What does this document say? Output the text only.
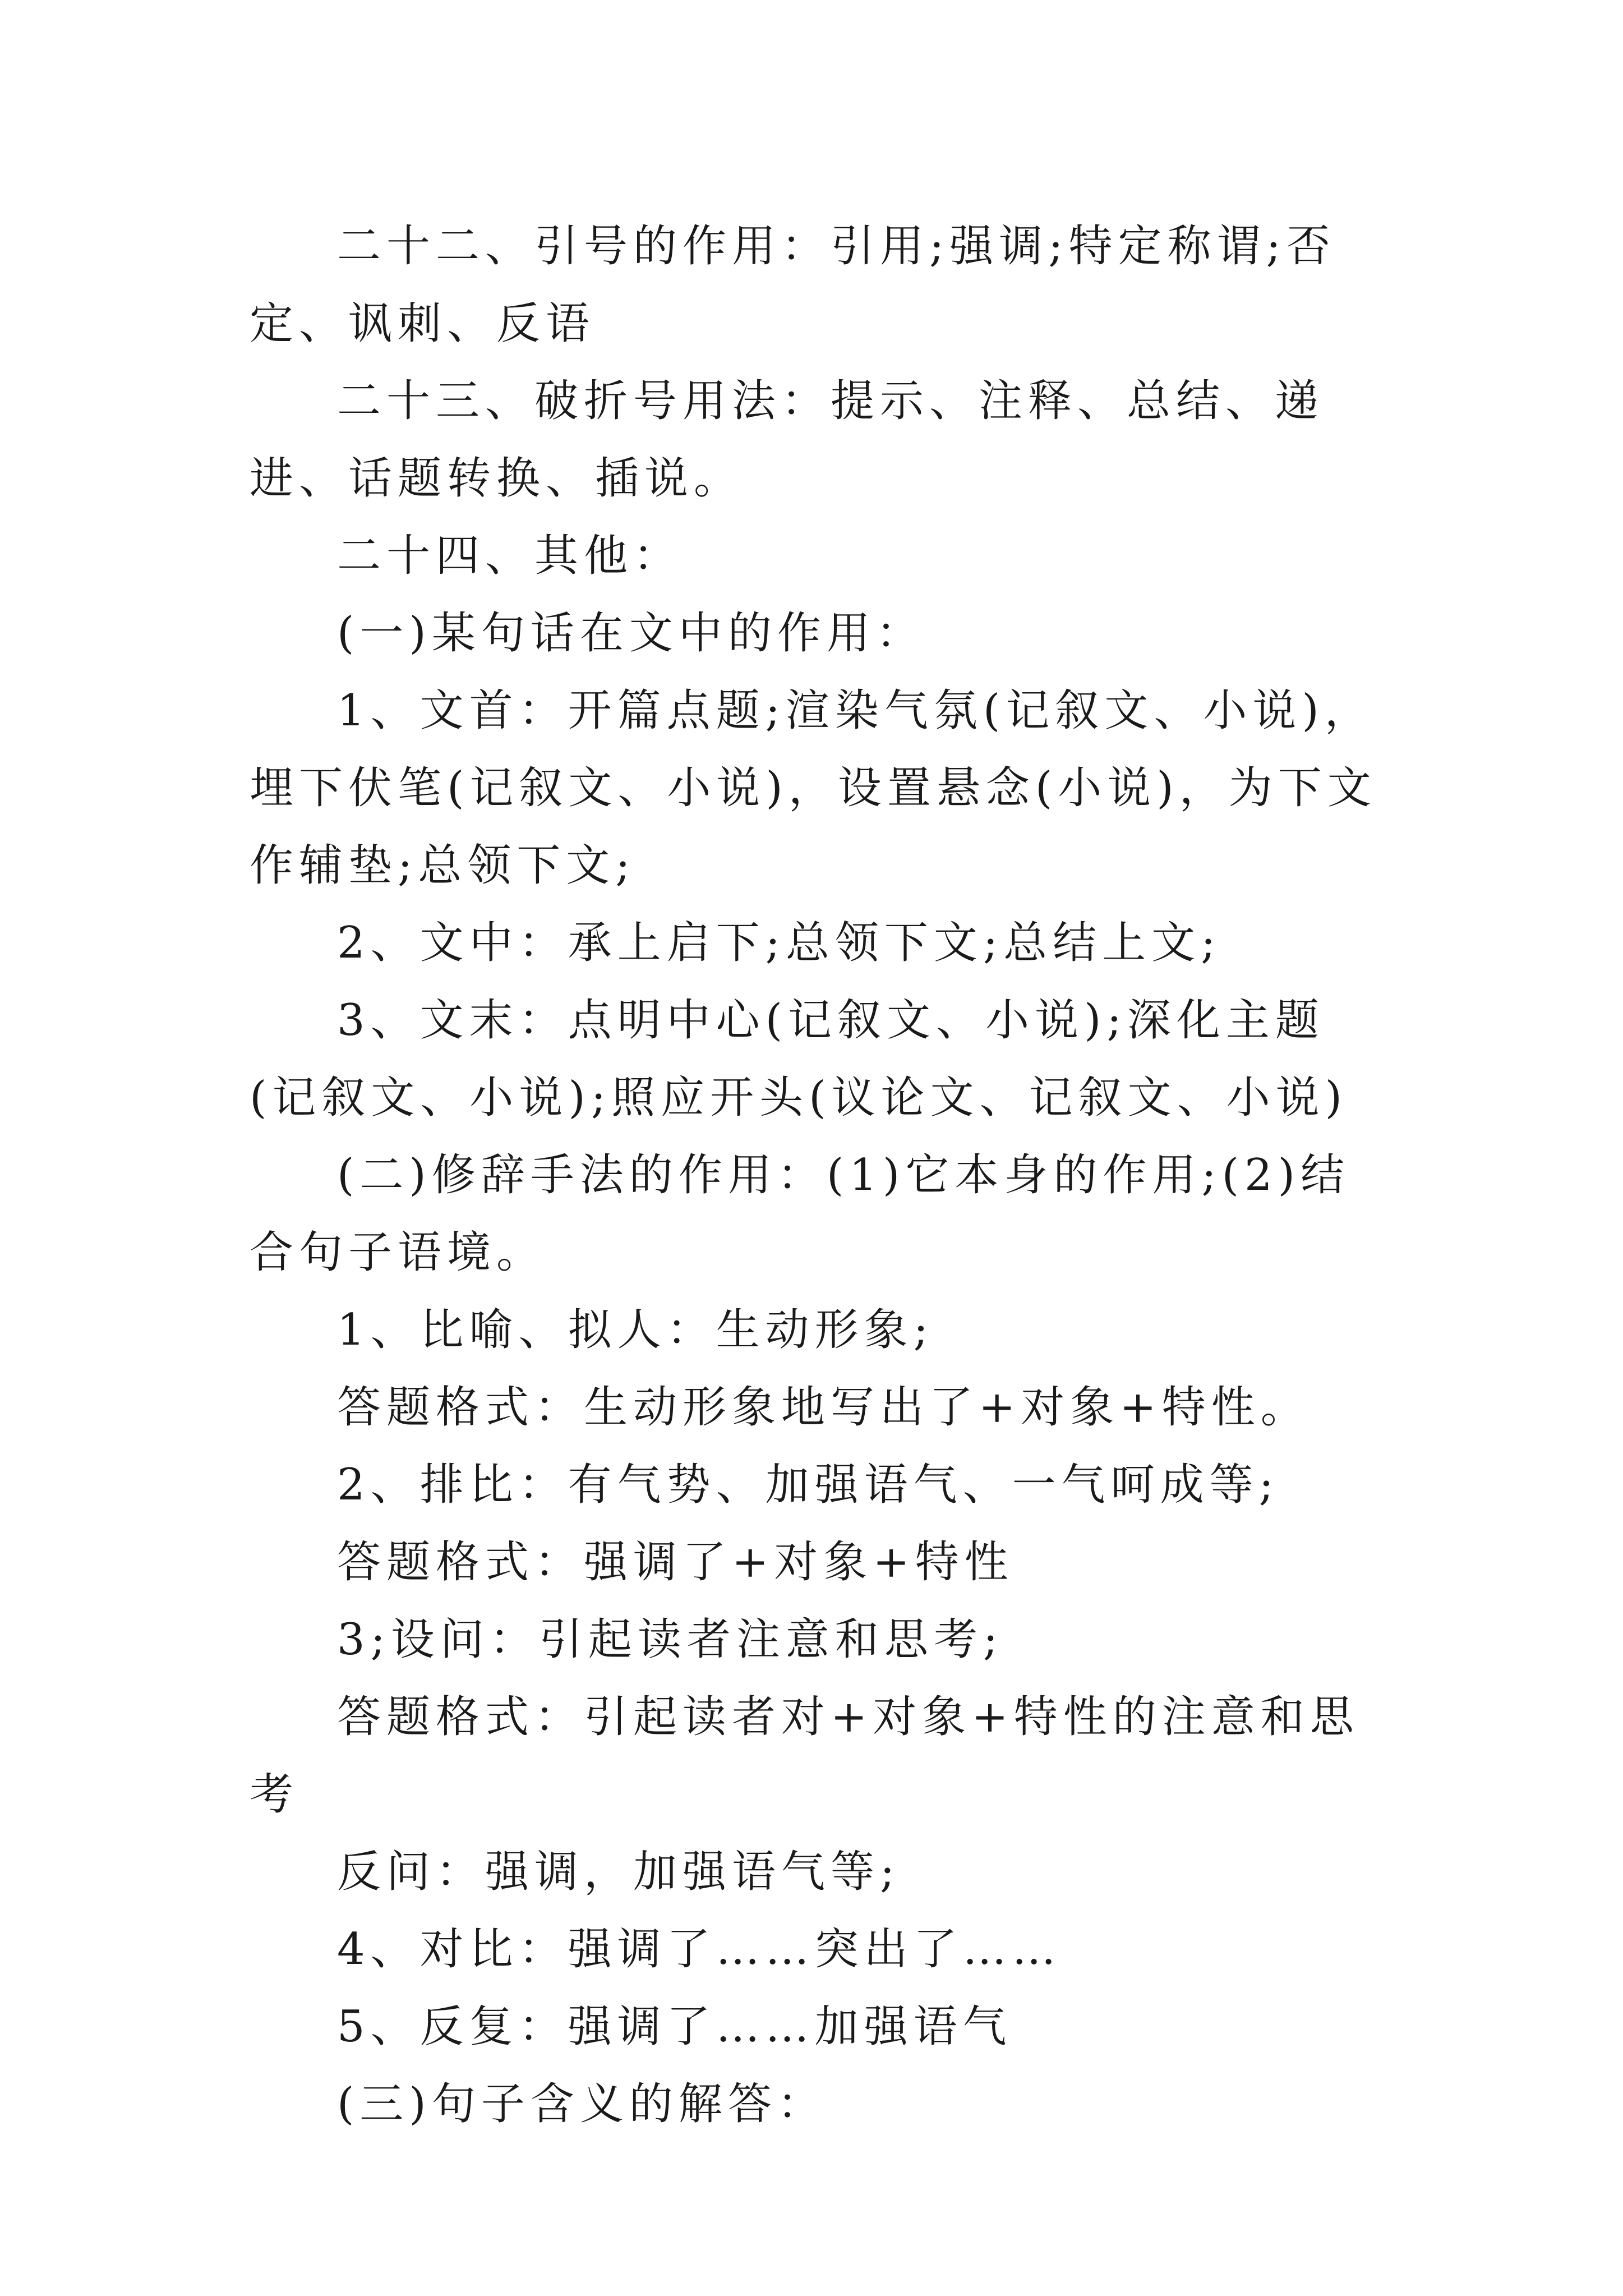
二十二、引号的作用：引用;强调;特定称谓;否定、讽刺、反语

二十三、破折号用法：提示、注释、总结、递进、话题转换、插说。

二十四、其他：

(一)某句话在文中的作用：

1、文首：开篇点题;渲染气氛(记叙文、小说)，埋下伏笔(记叙文、小说)，设置悬念(小说)，为下文作辅垫;总领下文;

2、文中：承上启下;总领下文;总结上文;

3、文末：点明中心(记叙文、小说);深化主题(记叙文、小说);照应开头(议论文、记叙文、小说)

(二)修辞手法的作用：(1)它本身的作用;(2)结合句子语境。

1、比喻、拟人：生动形象;

答题格式：生动形象地写出了+对象+特性。

2、排比：有气势、加强语气、一气呵成等;

答题格式：强调了+对象+特性

3;设问：引起读者注意和思考;

答题格式：引起读者对+对象+特性的注意和思考

反问：强调，加强语气等;

4、对比：强调了……突出了……

5、反复：强调了……加强语气

(三)句子含义的解答：
